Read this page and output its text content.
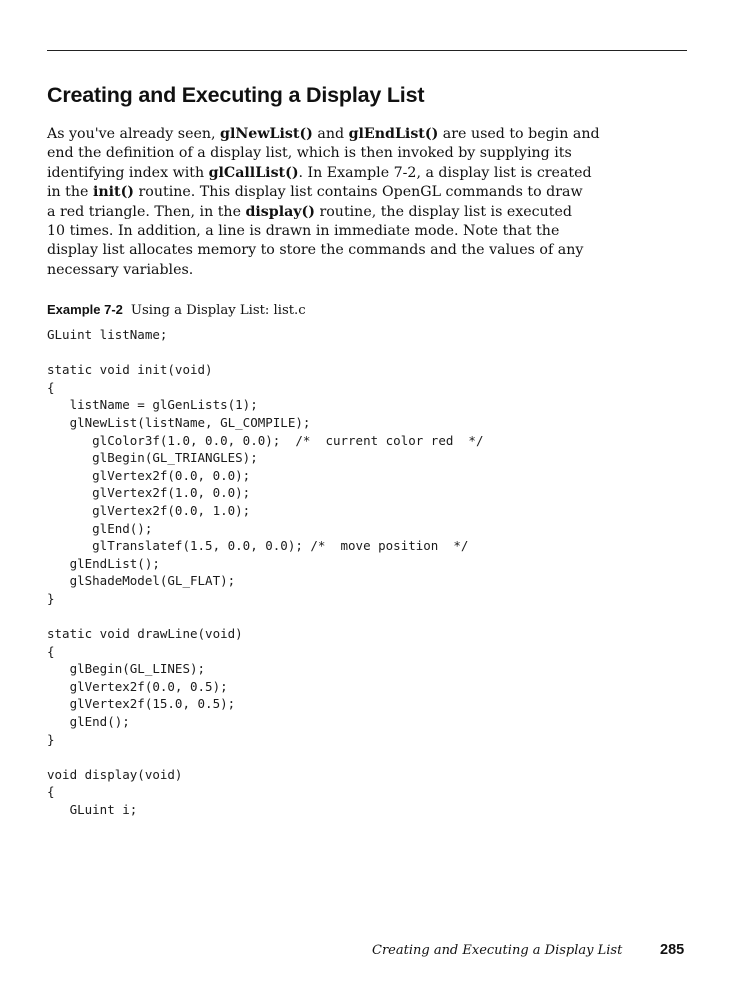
Creating and Executing a Display List
As you've already seen, glNewList() and glEndList() are used to begin and
end the definition of a display list, which is then invoked by supplying its
identifying index with glCallList(). In Example 7-2, a display list is created
in the init() routine. This display list contains OpenGL commands to draw
a red triangle. Then, in the display() routine, the display list is executed
10 times. In addition, a line is drawn in immediate mode. Note that the
display list allocates memory to store the commands and the values of any
necessary variables.
Example 7-2 Using a Display List: list.c
GLuint listName;
static void init(void)
{
listName = glGenLists(1);
glNewList(listName, GL_COMPILE);
glColor3f(1.0, 0.0, 0.0);  /*  current color red  */
glBegin(GL_TRIANGLES);
glVertex2f(0.0, 0.0);
glVertex2f(1.0, 0.0);
glVertex2f(0.0, 1.0);
glEnd();
glTranslatef(1.5, 0.0, 0.0); /*  move position  */
glEndList();
glShadeModel(GL_FLAT);
}
static void drawLine(void)
{
glBegin(GL_LINES);
glVertex2f(0.0, 0.5);
glVertex2f(15.0, 0.5);
glEnd();
}
void display(void)
{
GLuint i;
Creating and Executing a Display List	285
